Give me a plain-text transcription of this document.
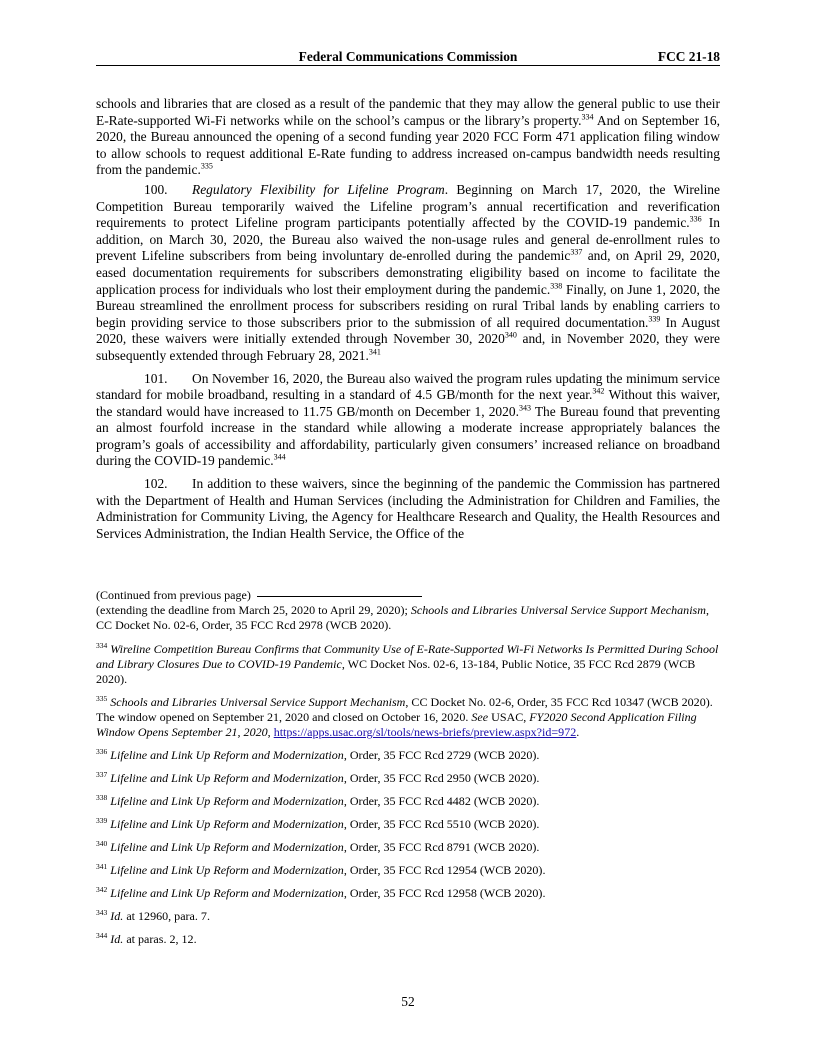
Federal Communications Commission	FCC 21-18

schools and libraries that are closed as a result of the pandemic that they may allow the general public to use their E-Rate-supported Wi-Fi networks while on the school’s campus or the library’s property.$^{334}$ And on September 16, 2020, the Bureau announced the opening of a second funding year 2020 FCC Form 471 application filing window to allow schools to request additional E-Rate funding to address increased on-campus bandwidth needs resulting from the pandemic.$^{335}$

100. Regulatory Flexibility for Lifeline Program. Beginning on March 17, 2020, the Wireline Competition Bureau temporarily waived the Lifeline program’s annual recertification and reverification requirements to protect Lifeline program participants potentially affected by the COVID-19 pandemic.$^{336}$ In addition, on March 30, 2020, the Bureau also waived the non-usage rules and general de-enrollment rules to prevent Lifeline subscribers from being involuntary de-enrolled during the pandemic$^{337}$ and, on April 29, 2020, eased documentation requirements for subscribers demonstrating eligibility based on income to facilitate the application process for individuals who lost their employment during the pandemic.$^{338}$ Finally, on June 1, 2020, the Bureau streamlined the enrollment process for subscribers residing on rural Tribal lands by enabling carriers to begin providing service to those subscribers prior to the submission of all required documentation.$^{339}$ In August 2020, these waivers were initially extended through November 30, 2020$^{340}$ and, in November 2020, they were subsequently extended through February 28, 2021.$^{341}$

101. On November 16, 2020, the Bureau also waived the program rules updating the minimum service standard for mobile broadband, resulting in a standard of 4.5 GB/month for the next year.$^{342}$ Without this waiver, the standard would have increased to 11.75 GB/month on December 1, 2020.$^{343}$ The Bureau found that preventing an almost fourfold increase in the standard while allowing a moderate increase appropriately balances the program’s goals of accessibility and affordability, particularly given consumers’ increased reliance on broadband during the COVID-19 pandemic.$^{344}$

102. In addition to these waivers, since the beginning of the pandemic the Commission has partnered with the Department of Health and Human Services (including the Administration for Children and Families, the Administration for Community Living, the Agency for Healthcare Research and Quality, the Health Resources and Services Administration, the Indian Health Service, the Office of the

(Continued from previous page)

(extending the deadline from March 25, 2020 to April 29, 2020); Schools and Libraries Universal Service Support Mechanism, CC Docket No. 02-6, Order, 35 FCC Rcd 2978 (WCB 2020).

$^{334}$ Wireline Competition Bureau Confirms that Community Use of E-Rate-Supported Wi-Fi Networks Is Permitted During School and Library Closures Due to COVID-19 Pandemic, WC Docket Nos. 02-6, 13-184, Public Notice, 35 FCC Rcd 2879 (WCB 2020).

$^{335}$ Schools and Libraries Universal Service Support Mechanism, CC Docket No. 02-6, Order, 35 FCC Rcd 10347 (WCB 2020). The window opened on September 21, 2020 and closed on October 16, 2020. See USAC, FY2020 Second Application Filing Window Opens September 21, 2020, https://apps.usac.org/sl/tools/news-briefs/preview.aspx?id=972.

$^{336}$ Lifeline and Link Up Reform and Modernization, Order, 35 FCC Rcd 2729 (WCB 2020).

$^{337}$ Lifeline and Link Up Reform and Modernization, Order, 35 FCC Rcd 2950 (WCB 2020).

$^{338}$ Lifeline and Link Up Reform and Modernization, Order, 35 FCC Rcd 4482 (WCB 2020).

$^{339}$ Lifeline and Link Up Reform and Modernization, Order, 35 FCC Rcd 5510 (WCB 2020).

$^{340}$ Lifeline and Link Up Reform and Modernization, Order, 35 FCC Rcd 8791 (WCB 2020).

$^{341}$ Lifeline and Link Up Reform and Modernization, Order, 35 FCC Rcd 12954 (WCB 2020).

$^{342}$ Lifeline and Link Up Reform and Modernization, Order, 35 FCC Rcd 12958 (WCB 2020).

$^{343}$ Id. at 12960, para. 7.

$^{344}$ Id. at paras. 2, 12.

52
